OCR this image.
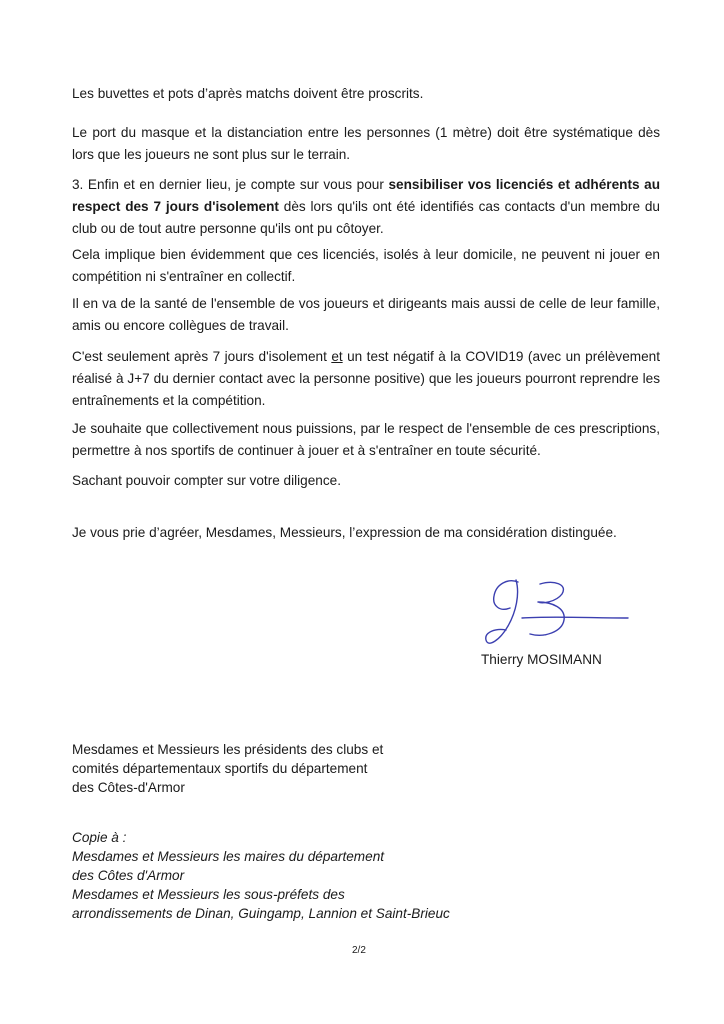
Les buvettes et pots d’après matchs doivent être proscrits.

Le port du masque et la distanciation entre les personnes (1 mètre) doit être systématique dès lors que les joueurs ne sont plus sur le terrain.

3. Enfin et en dernier lieu, je compte sur vous pour sensibiliser vos licenciés et adhérents au respect des 7 jours d'isolement dès lors qu'ils ont été identifiés cas contacts d'un membre du club ou de tout autre personne qu'ils ont pu côtoyer.

Cela implique bien évidemment que ces licenciés, isolés à leur domicile, ne peuvent ni jouer en compétition ni s'entraîner en collectif.

Il en va de la santé de l'ensemble de vos joueurs et dirigeants mais aussi de celle de leur famille, amis ou encore collègues de travail.

C'est seulement après 7 jours d'isolement et un test négatif à la COVID19 (avec un prélèvement réalisé à J+7 du dernier contact avec la personne positive) que les joueurs pourront reprendre les entraînements et la compétition.

Je souhaite que collectivement nous puissions, par le respect de l'ensemble de ces prescriptions, permettre à nos sportifs de continuer à jouer et à s'entraîner en toute sécurité.

Sachant pouvoir compter sur votre diligence.

Je vous prie d’agréer, Mesdames, Messieurs, l’expression de ma considération distinguée.

Thierry MOSIMANN
Mesdames et Messieurs les présidents des clubs et
comités départementaux sportifs du département
des Côtes-d'Armor
Copie à :
Mesdames et Messieurs les maires du département
des Côtes d'Armor
Mesdames et Messieurs les sous-préfets des
arrondissements de Dinan, Guingamp, Lannion et Saint-Brieuc
2/2
